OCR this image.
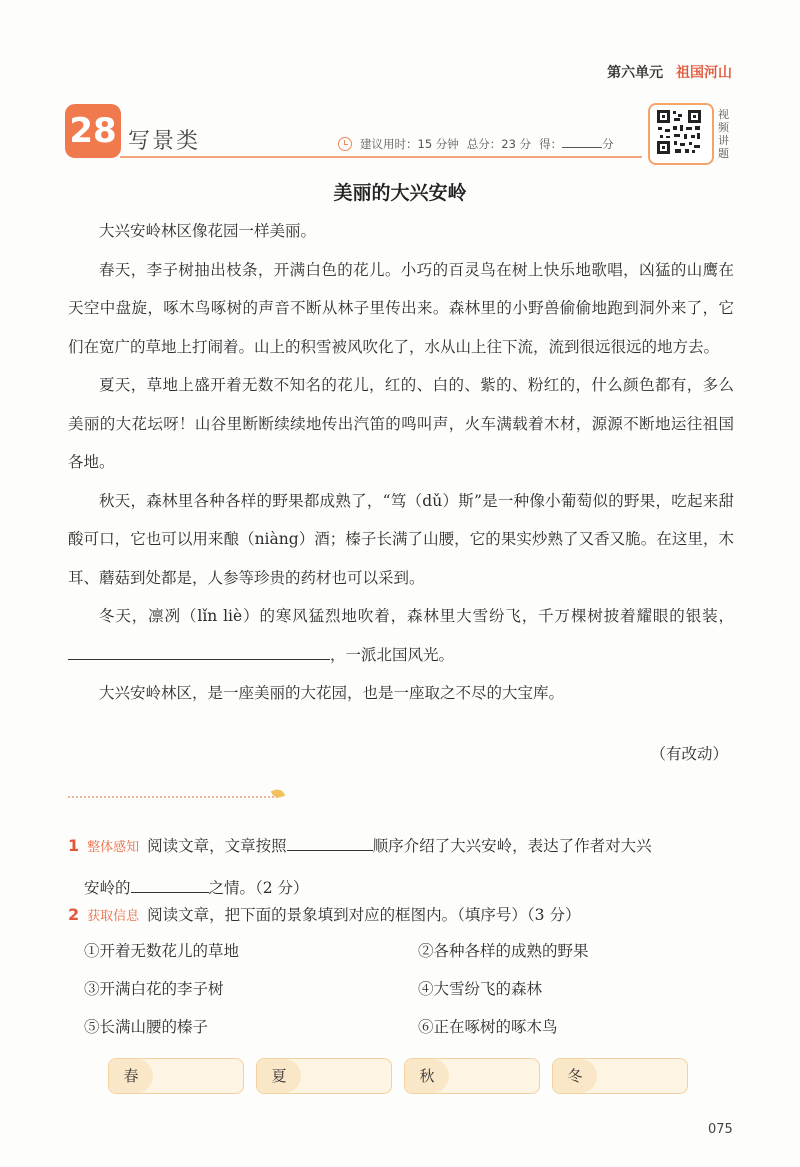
第六单元 祖国河山
28 写景类	建议用时：15 分钟 总分：23 分 得：	分
视频讲题
美丽的大兴安岭

大兴安岭林区像花园一样美丽。

春天，李子树抽出枝条，开满白色的花儿。小巧的百灵鸟在树上快乐地歌唱，凶猛的山鹰在天空中盘旋，啄木鸟啄树的声音不断从林子里传出来。森林里的小野兽偷偷地跑到洞外来了，它们在宽广的草地上打闹着。山上的积雪被风吹化了，水从山上往下流，流到很远很远的地方去。

夏天，草地上盛开着无数不知名的花儿，红的、白的、紫的、粉红的，什么颜色都有，多么美丽的大花坛呀！山谷里断断续续地传出汽笛的鸣叫声，火车满载着木材，源源不断地运往祖国各地。

秋天，森林里各种各样的野果都成熟了，“笃（dǔ）斯”是一种像小葡萄似的野果，吃起来甜酸可口，它也可以用来酿（niàng）酒；榛子长满了山腰，它的果实炒熟了又香又脆。在这里，木耳、蘑菇到处都是，人参等珍贵的药材也可以采到。

冬天，凛冽（lǐn liè）的寒风猛烈地吹着，森林里大雪纷飞，千万棵树披着耀眼的银装，，一派北国风光。

大兴安岭林区，是一座美丽的大花园，也是一座取之不尽的大宝库。

（有改动）
1 整体感知 阅读文章，文章按照	顺序介绍了大兴安岭，表达了作者对大兴
安岭的	之情。（2 分）
2 获取信息 阅读文章，把下面的景象填到对应的框图内。（填序号）（3 分）
①开着无数花儿的草地	②各种各样的成熟的野果
③开满白花的李子树	④大雪纷飞的森林
⑤长满山腰的榛子	⑥正在啄树的啄木鸟
春	夏	秋	冬
075
